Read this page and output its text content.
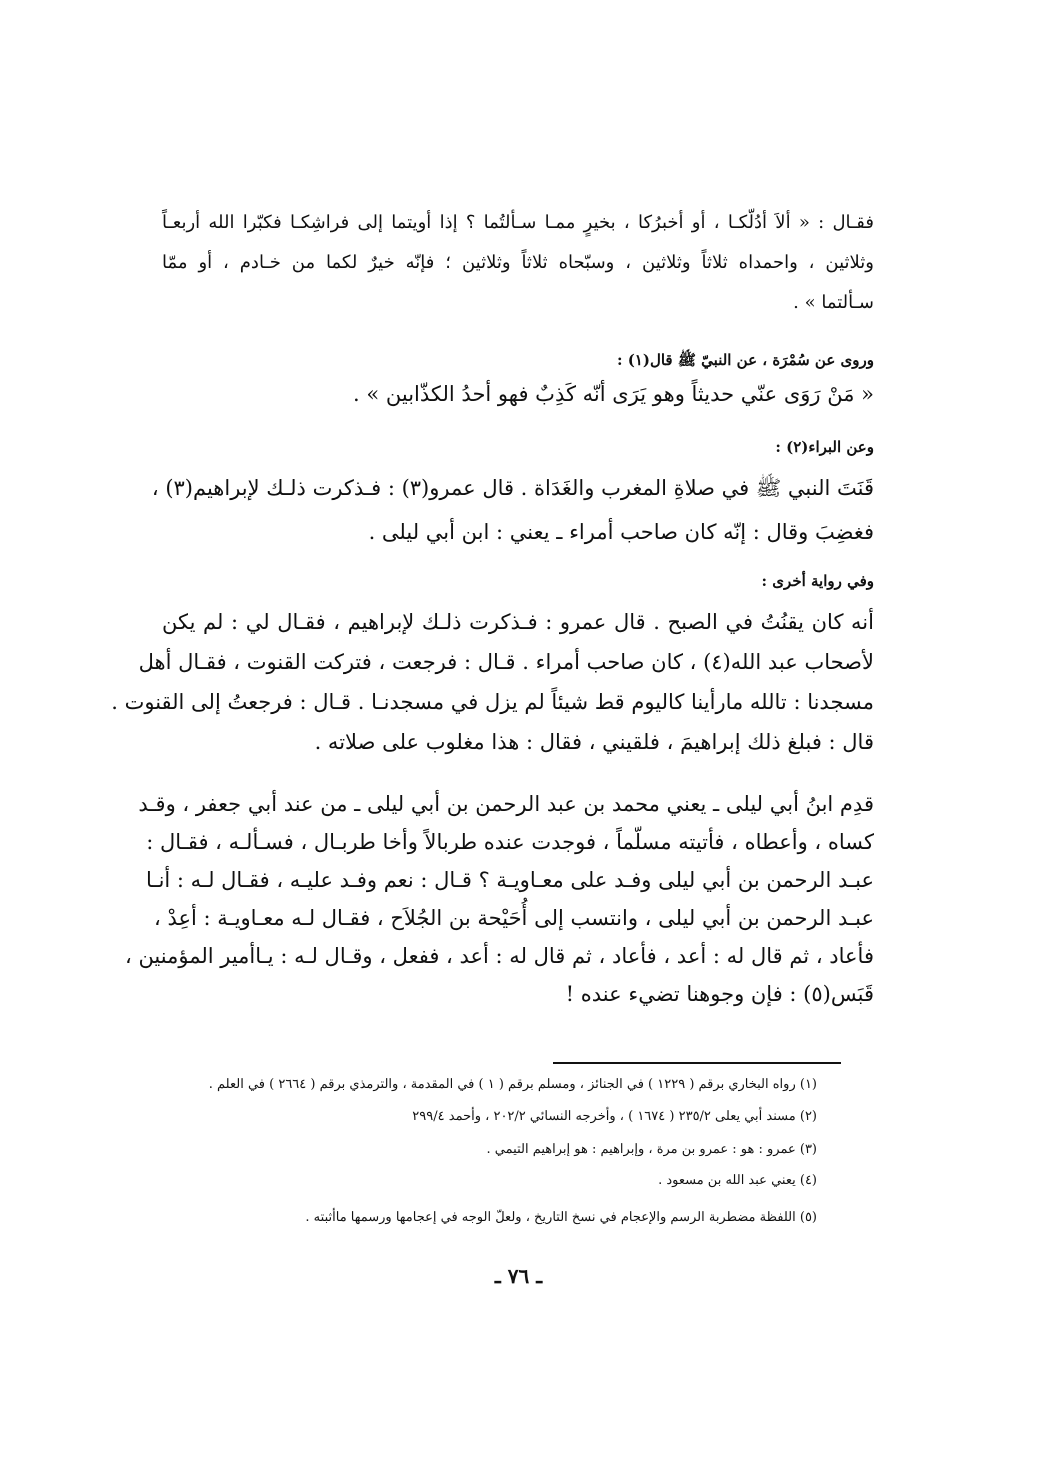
فقـال : « ألاَ أدُلّكـا ، أو أخبرُكا ، بخيرٍ ممـا سـألتُما ؟ إذا أويتما إلى فراشِكـا فكبّرا الله أربعـاً
وثلاثين ، واحمداه ثلاثاً وثلاثين ، وسبّحاه ثلاثاً وثلاثين ؛ فإنّه خيرٌ لكما من خـادم ، أو ممّا
سـألتما » .
وروى عن سُمْرَة ، عن النبيّ ﷺ قال(١) :
« مَنْ رَوَى عنّي حديثاً وهو يَرَى أنّه كَذِبٌ فهو أحدُ الكذّابين » .
وعن البراء(٢) :
قَنَتَ النبي ﷺ في صلاةِ المغرب والغَدَاة . قال عمرو(٣) : فـذكرت ذلـك لإبراهيم(٣) ،
فغضِبَ وقال : إنّه كان صاحب أمراء ـ يعني : ابن أبي ليلى .
وفي رواية أخرى :
أنه كان يقنُتُ في الصبح . قال عمرو : فـذكرت ذلـك لإبراهيم ، فقـال لي : لم يكن
لأصحاب عبد الله(٤) ، كان صاحب أمراء . قـال : فرجعت ، فتركت القنوت ، فقـال أهل
مسجدنا : تالله مارأينا كاليوم قط شيئاً لم يزل في مسجدنـا . قـال : فرجعتُ إلى القنوت .
قال : فبلغ ذلك إبراهيمَ ، فلقيني ، فقال : هذا مغلوب على صلاته .
قدِم ابنُ أبي ليلى ـ يعني محمد بن عبد الرحمن بن أبي ليلى ـ من عند أبي جعفر ، وقـد
كساه ، وأعطاه ، فأتيته مسلّماً ، فوجدت عنده طربالاً وأخا طربـال ، فسـألـه ، فقـال :
عبـد الرحمن بن أبي ليلى وفـد على معـاويـة ؟ قـال : نعم وفـد عليـه ، فقـال لـه : أنـا
عبـد الرحمن بن أبي ليلى ، وانتسب إلى أُحَيْحة بن الجُلاَح ، فقـال لـه معـاويـة : أعِدْ ،
فأعاد ، ثم قال له : أعد ، فأعاد ، ثم قال له : أعد ، ففعل ، وقـال لـه : يـاأمير المؤمنين ،
قَبَس(٥) : فإن وجوهنا تضيء عنده !
(١) رواه البخاري برقم ( ١٢٢٩ ) في الجنائز ، ومسلم برقم ( ١ ) في المقدمة ، والترمذي برقم ( ٢٦٦٤ ) في العلم .
(٢) مسند أبي يعلى ٢٣٥/٢ ( ١٦٧٤ ) ، وأخرجه النسائي ٢٠٢/٢ ، وأحمد ٢٩٩/٤
(٣) عمرو : هو : عمرو بن مرة ، وإبراهيم : هو إبراهيم التيمي .
(٤) يعني عبد الله بن مسعود .
(٥) اللفظة مضطربة الرسم والإعجام في نسخ التاريخ ، ولعلّ الوجه في إعجامها ورسمها ماأثبته .
ـ ٧٦ ـ
